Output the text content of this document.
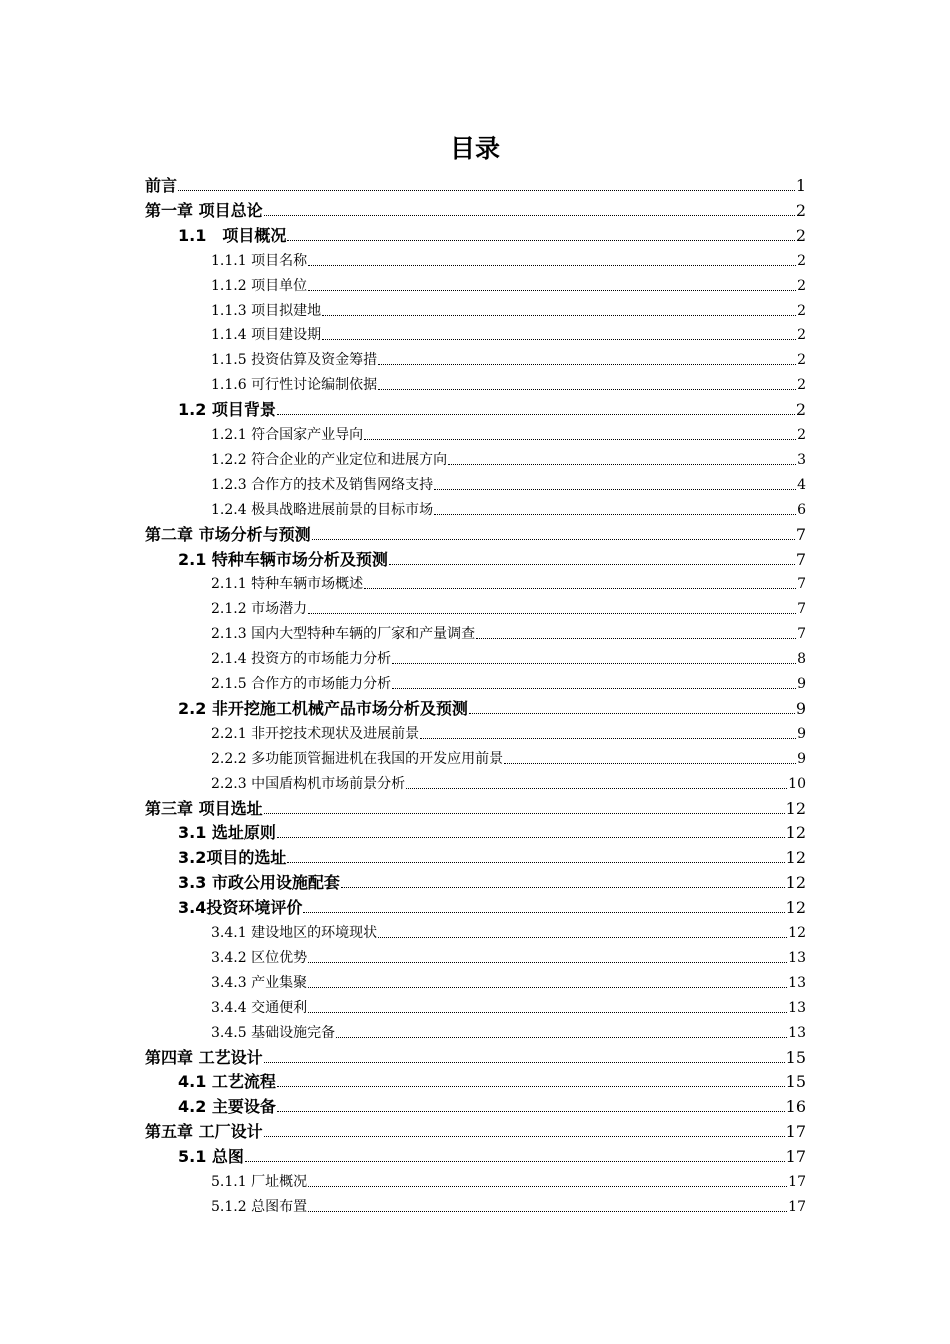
目录
前言	1
第一章 项目总论	2
1.1　项目概况	2
1.1.1 项目名称	2
1.1.2 项目单位	2
1.1.3 项目拟建地	2
1.1.4 项目建设期	2
1.1.5 投资估算及资金筹措	2
1.1.6 可行性讨论编制依据	2
1.2 项目背景	2
1.2.1 符合国家产业导向	2
1.2.2 符合企业的产业定位和进展方向	3
1.2.3 合作方的技术及销售网络支持	4
1.2.4 极具战略进展前景的目标市场	6
第二章 市场分析与预测	7
2.1 特种车辆市场分析及预测	7
2.1.1 特种车辆市场概述	7
2.1.2 市场潜力	7
2.1.3 国内大型特种车辆的厂家和产量调查	7
2.1.4 投资方的市场能力分析	8
2.1.5 合作方的市场能力分析	9
2.2 非开挖施工机械产品市场分析及预测	9
2.2.1 非开挖技术现状及进展前景	9
2.2.2 多功能顶管掘进机在我国的开发应用前景	9
2.2.3 中国盾构机市场前景分析	10
第三章 项目选址	12
3.1 选址原则	12
3.2项目的选址	12
3.3 市政公用设施配套	12
3.4投资环境评价	12
3.4.1 建设地区的环境现状	12
3.4.2 区位优势	13
3.4.3 产业集聚	13
3.4.4 交通便利	13
3.4.5 基础设施完备	13
第四章 工艺设计	15
4.1 工艺流程	15
4.2 主要设备	16
第五章 工厂设计	17
5.1 总图	17
5.1.1 厂址概况	17
5.1.2 总图布置	17
